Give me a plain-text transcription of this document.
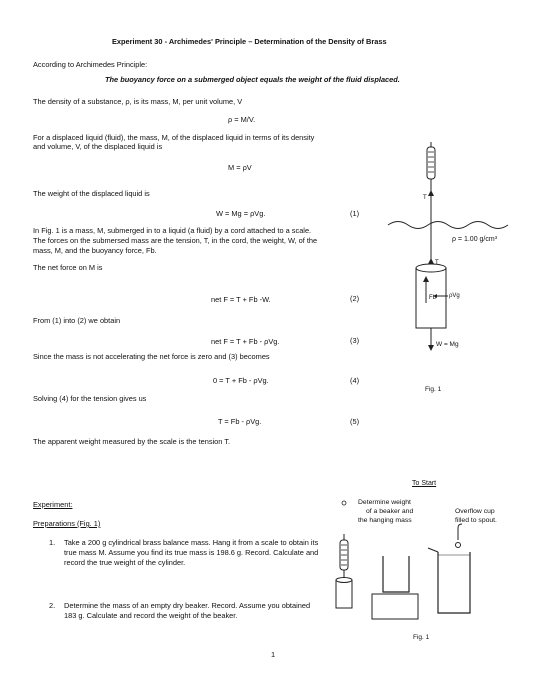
Experiment 30 - Archimedes' Principle – Determination of the Density of Brass
According to Archimedes Principle:
The buoyancy force on a submerged object equals the weight of the fluid displaced.
The density of a substance, ρ, is its mass, M, per unit volume, V
ρ = M/V.
For a displaced liquid (fluid), the mass, M, of the displaced liquid in terms of its density
and volume, V, of the displaced liquid is
M = ρV
The weight of the displaced liquid is
W = Mg = ρVg.	(1)
In Fig. 1 is a mass, M, submerged in to a liquid (a fluid) by a cord attached to a scale.
The forces on the submersed mass are the tension, T, in the cord, the weight, W, of the
mass, M, and the buoyancy force, Fb.
The net force on M is
net F = T + Fb -W.	(2)
From (1) into (2) we obtain
net F = T + Fb - ρVg.	(3)
Since the mass is not accelerating the net force is zero and (3) becomes
0 = T + Fb - ρVg.	(4)
Solving (4) for the tension gives us
T = Fb - ρVg.	(5)
The apparent weight measured by the scale is the tension T.
Experiment:
Preparations (Fig. 1)
1. Take a 200 g cylindrical brass balance mass. Hang it from a scale to obtain its true mass M. Assume you find its true mass is 198.6 g. Record. Calculate and record the true weight of the cylinder.
2. Determine the mass of an empty dry beaker. Record. Assume you obtained 183 g. Calculate and record the weight of the beaker.
1
T
ρ = 1.00 g/cm³
T
Fb ρVg
W = Mg
Fig. 1
To Start
Determine weight
of a beaker and
the hanging mass
Overflow cup
filled to spout.
Fig. 1
